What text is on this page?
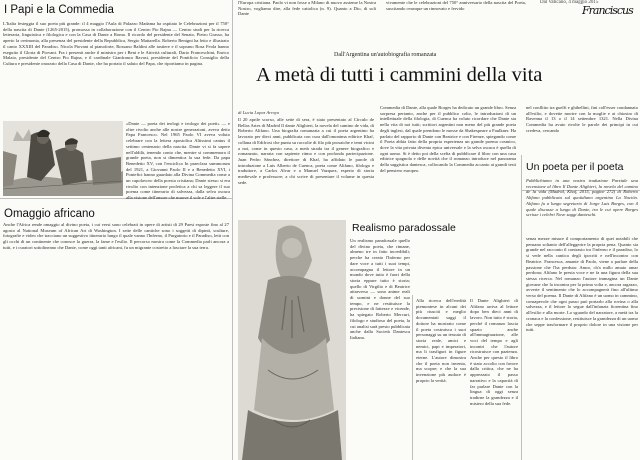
l'Europa cristiana. Paolo vi non fosse a Milano di nuovo assieme la Nostra Nostro, vogliamo dire, alla fede cattolica (n. 9). Quanto a Dio, di soli Dante
vivamente che le celebrazioni del 750° anniversario della nascita del Poeta, suscitando ovunque un rinnovato e fervido
Dal Vaticano, 4 maggio 2015
Franciscus
I Papi e la Commedia
L'Italia festeggia il suo poeta più grande: il 4 maggio l'Aula di Palazzo Madama ha ospitato le Celebrazioni per il 750° della nascita di Dante (1265-2015), promossa in collaborazione con il Centro Pio Rajna — Centro studi per la ricerca letteraria, linguistica e filologica e con la Casa di Dante a Roma. Il ricordo del presidente del Senato, Pietro Grasso, ha aperto la cerimonia, alla presenza del presidente della Repubblica, Sergio Mattarella. Roberto Benigni ha letto e illustrato il canto XXXIII del Paradiso. Nicola Piovani al pianoforte, Rossano Baldini alle tastiere e il soprano Rosa Feola hanno eseguito il Gloria di Piovani. Fra i presenti anche il ministro per i Beni e le Attività culturali, Dario Franceschini, Enrico Malato, presidente del Centro Pio Rajna, e il cardinale Gianfranco Ravasi, presidente del Pontificio Consiglio della Cultura e presidente onorario della Casa di Dante, che ha portato il saluto del Papa, che riportiamo in pagina.
«Dante — poeta dei teologi e teologo dei poeti» — e oltre rivolto anche alle nostre generazioni, aveva detto Papa Francesco. Nel 1965 Paolo VI aveva voluto celebrare con la lettera apostolica Altissimi cantus il settimo centenario della nascita. Dante vi si fa sapere nell'aldilà, tenendo conto che, mentre si commemora il grande poeta, non si dimentica la sua fede. Da papa Benedetto XV, con l'enciclica In praeclara summorum del 1921, a Giovanni Paolo II e a Benedetto XVI, i Pontefici hanno guardato alla Divina Commedia come a un capolavoro della poesia cristiana; Dante stesso si era rivolto con intenzione profetica a chi sa leggere il suo poema come itinerario di salvezza, dalla selva oscura alla visione dell'amore che muove il sole e l'altre stelle.
Dall'Argentina un'autobiografia romanzata
A metà di tutti i cammini della vita
di Lucia Lopez Arroyo
Il 20 aprile scorso, alle sette di sera, è stato presentato al Círculo de Bellas Artes di Madrid Il dante Alighieri, la novela del camino de vida, di Roberto Alifano. Una biografia romanzata a cui il poeta argentino ha lavorato per dieci anni, pubblicata con cura dall'omonima editrice Khaf, collana di Edifrosi che punta su raccolte di filo più prosaiche e temi vicini a noi, come in questo caso, a metà strada tra il genere biografico e romanzato, narrata con sapiente ritmo e con profonda partecipazione. Juan Pedro Sánchez, direttore di Khaf, ha affidato le parole di introduzione a Luis Alberto de Cuenca, poeta come Alifano, filologo e traduttore, a Carlos Alvar e a Manuel Vazquez, esperto di storia medievale e professore; a chi scrive di presentare il volume in questa sede.
Commedia di Dante, alla quale Borges ha dedicato un grande libro. Senza sorpresa pertanto, anche per il pubblico colto, le introduzioni di un intellettuale della filologia, di Cuenca ha voluto ricordare che Dante sta nella vita di noi tutti; scrittori argentini non meno del più grande poeta degli inglesi, dal quale prendono le mosse da Shakespeare a Faulkner. Ha parlato del rapporto di Dante con Beatrice e con Firenze, spiegando come il Poeta abbia fatto della propria esperienza un grande poema cosmico, dove la vita privata diventa epica universale e la selva oscura è quella di ogni uomo. Si è detto poi della scelta di pubblicare il libro con una casa editrice spagnola e delle novità che il romanzo introduce nel panorama della saggistica dantesca, collocando la Commedia accanto ai grandi testi del pensiero europeo.
nel conflitto tra guelfi e ghibellini, fini coll'esser condannato all'esilio, e dovette morire con la moglie e ai chiostro di Ravenna il 13 o il 14 settembre 1321. Nella Divina Commedia ha avuto rivolte le parole dei principi in cui credeva, cercando
Un poeta per il poeta
Pubblichiamo in una nostra traduzione Parziale una recensione al libro Il Dante Alighieri, la novela del camino de la vida (Madrid, Khaf, 2015, pagine 272) di Roberto Alifano pubblicata sul quotidiano argentino La Nación. Alifano fu a lungo segretario di Jorge Luis Borges, con il quale discusse a lungo di Dante, tra le cui opere Borges scrisse i celebri Nove saggi danteschi.
senza mezze misure il comportamento di quei notabili che pensano soltanto dell'alleggerire la propria pena. Quanto sia grande nel racconto il contrasto tra l'inferno e il paradiso, lo si vede nella cantica degli ipocriti e nell'incontro con Beatrice. Francesca, amante di Paolo, viene a parlare della passione che l'ha perduta: Amor, ch'a nullo amato amar perdona; Alifano le presta voce e ne fa una figura della sua stessa ricerca. Nel romanzo l'autore immagina un Dante giovane che la incontra per la prima volta e, ancora ragazzo, avverte il sentimento che lo accompagnerà fino all'ultimo verso del poema. Il Dante di Alifano è un uomo in cammino, consapevole che ogni passo può portarlo alla rovina o alla salvezza, e il lettore lo segue dall'infanzia fiorentina fino all'esilio e alla morte. Lo sguardo del narratore, a metà tra la cronaca e la confessione, restituisce la grandezza di un uomo che seppe trasformare il proprio dolore in una visione per tutti.
Omaggio africano
Anche l'Africa rende omaggio al divino poeta, i cui versi sono celebrati in opere di artisti di 29 Paesi esposte fino al 27 agosto al National Museum of African Art di Washington. I sette delle cantiche sono i soggetti di dipinti, sculture, fotografie e video che tracciano un suggestivo itinerario lungo il quale vanno l'Inferno, il Purgatorio e il Paradiso, letti con gli occhi di un continente che conosce la guerra, la fame e l'esilio. Il percorso mostra come la Commedia parli ancora a tutti, e i curatori sottolineano che Dante, come oggi tanti africani, fu un migrante costretto a lasciare la sua terra.
Realismo paradossale
Un realismo paradossale quello del divino poeta, che rimane, almeno tre in fatto incredibili; perche ha creato l'Inferno per dare voce a tutti i suoi tempi, accompagna il lettore in un mondo dove tutto è fuori della storia eppure tutto è storia; quello di Virgilio e di Beatrice attraverso — sono anime reali di uomini e donne del suo tempo, e ne restituisce la precisione di fattezze e vicende, ha spiegato Roberto Mercuri, filologo e studioso del poeta, la cui analisi sarà presto pubblicata anche dalla Società Dantesca Italiana.
Alla ricerca dell'eredità piemontese in alcuni dei più riusciti e meglio documentati saggi il dottore ha mostrato come il poeta costruisca i suoi personaggi su un tessuto di storia reale, amici e nemici, papi e imperatori, ma li trasfiguri in figure eterne. L'autore dimostra che il poeta non inventa, ma scopre; e che la sua invenzione più audace è proprio la verità.
Il Dante Alighieri di Alifano arriva al lettore dopo ben dieci anni di lavoro. Non tutto è storia, perché il romanzo lascia spazio anche all'immaginazione, alle voci del tempo e agli incontri che l'autore ricostruisce con pazienza. Anche per questo il libro è stato accolto con favore dalla critica, che ne ha apprezzato il passo narrativo e la capacità di far parlare Dante con la lingua di oggi senza tradirne la grandezza e il mistero della sua fede.
